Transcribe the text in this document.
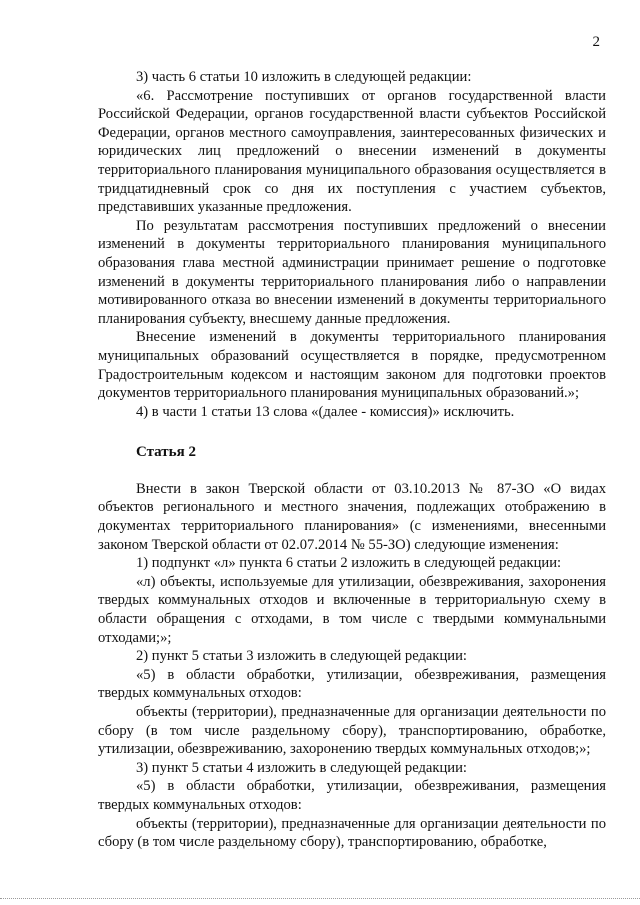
2

3) часть 6 статьи 10 изложить в следующей редакции:

«6. Рассмотрение поступивших от органов государственной власти Российской Федерации, органов государственной власти субъектов Российской Федерации, органов местного самоуправления, заинтересованных физических и юридических лиц предложений о внесении изменений в документы территориального планирования муниципального образования осуществляется в тридцатидневный срок со дня их поступления с участием субъектов, представивших указанные предложения.

По результатам рассмотрения поступивших предложений о внесении изменений в документы территориального планирования муниципального образования глава местной администрации принимает решение о подготовке изменений в документы территориального планирования либо о направлении мотивированного отказа во внесении изменений в документы территориального планирования субъекту, внесшему данные предложения.

Внесение изменений в документы территориального планирования муниципальных образований осуществляется в порядке, предусмотренном Градостроительным кодексом и настоящим законом для подготовки проектов документов территориального планирования муниципальных образований.»;

4) в части 1 статьи 13 слова «(далее - комиссия)» исключить.

Статья 2

Внести в закон Тверской области от 03.10.2013 № 87-ЗО «О видах объектов регионального и местного значения, подлежащих отображению в документах территориального планирования» (с изменениями, внесенными законом Тверской области от 02.07.2014 № 55-ЗО) следующие изменения:

1) подпункт «л» пункта 6 статьи 2 изложить в следующей редакции:

«л) объекты, используемые для утилизации, обезвреживания, захоронения твердых коммунальных отходов и включенные в территориальную схему в области обращения с отходами, в том числе с твердыми коммунальными отходами;»;

2) пункт 5 статьи 3 изложить в следующей редакции:

«5) в области обработки, утилизации, обезвреживания, размещения твердых коммунальных отходов:

объекты (территории), предназначенные для организации деятельности по сбору (в том числе раздельному сбору), транспортированию, обработке, утилизации, обезвреживанию, захоронению твердых коммунальных отходов;»;

3) пункт 5 статьи 4 изложить в следующей редакции:

«5) в области обработки, утилизации, обезвреживания, размещения твердых коммунальных отходов:

объекты (территории), предназначенные для организации деятельности по сбору (в том числе раздельному сбору), транспортированию, обработке,
